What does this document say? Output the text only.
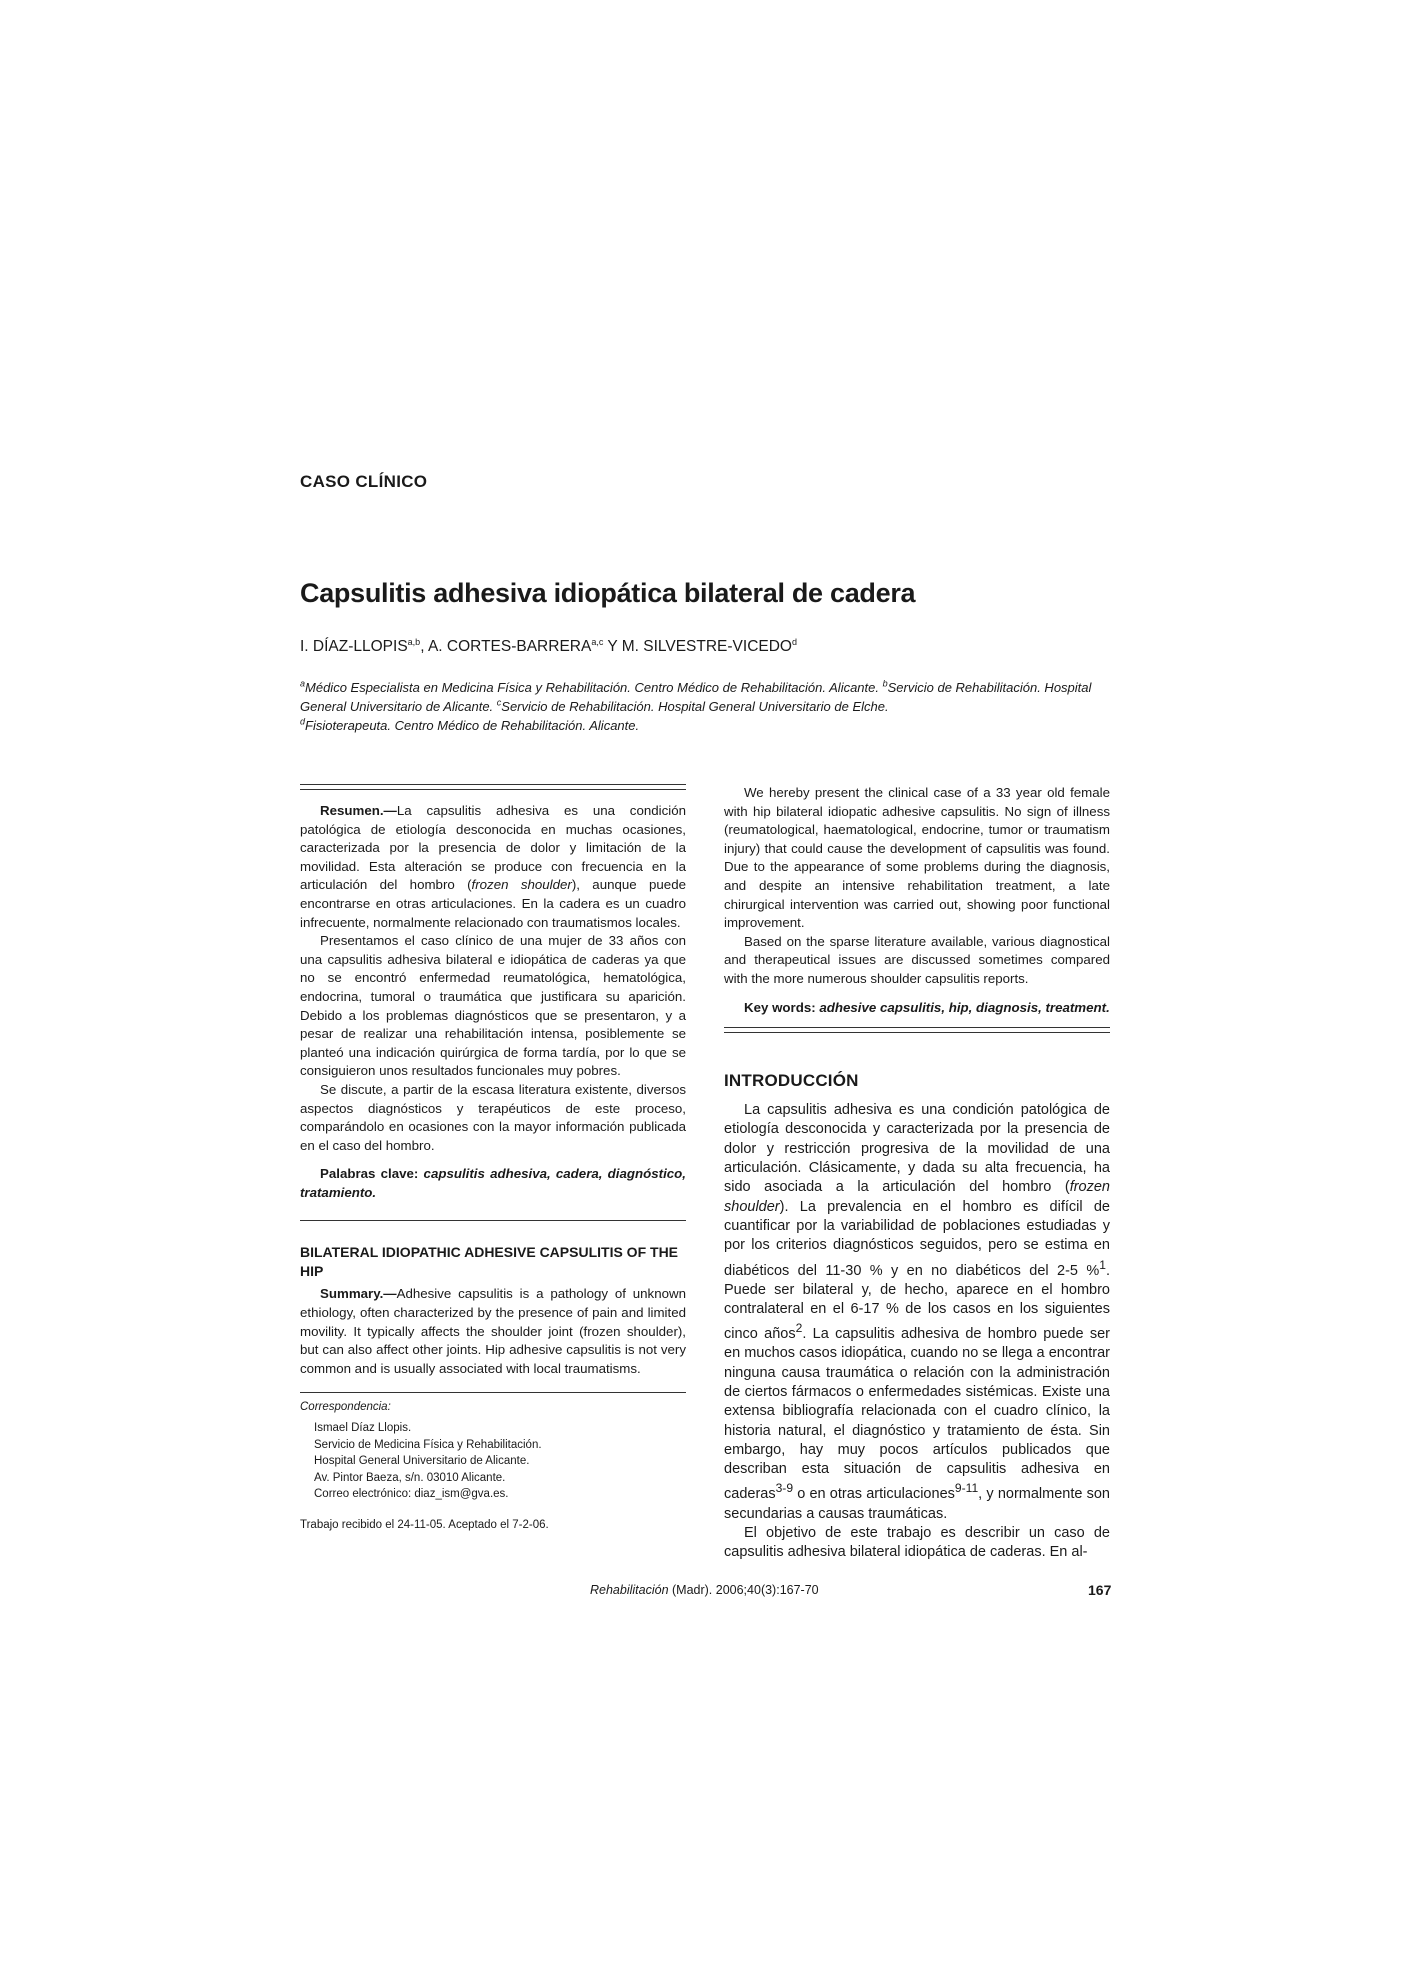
CASO CLÍNICO
Capsulitis adhesiva idiopática bilateral de cadera
I. DÍAZ-LLOPIS$^{a,b}$, A. CORTES-BARRERA$^{a,c}$ Y M. SILVESTRE-VICEDO$^d$
$^a$Médico Especialista en Medicina Física y Rehabilitación. Centro Médico de Rehabilitación. Alicante. $^b$Servicio de Rehabilitación. Hospital General Universitario de Alicante. $^c$Servicio de Rehabilitación. Hospital General Universitario de Elche.
$^d$Fisioterapeuta. Centro Médico de Rehabilitación. Alicante.

Resumen.—La capsulitis adhesiva es una condición patológica de etiología desconocida en muchas ocasiones, caracterizada por la presencia de dolor y limitación de la movilidad. Esta alteración se produce con frecuencia en la articulación del hombro (frozen shoulder), aunque puede encontrarse en otras articulaciones. En la cadera es un cuadro infrecuente, normalmente relacionado con traumatismos locales.

Presentamos el caso clínico de una mujer de 33 años con una capsulitis adhesiva bilateral e idiopática de caderas ya que no se encontró enfermedad reumatológica, hematológica, endocrina, tumoral o traumática que justificara su aparición. Debido a los problemas diagnósticos que se presentaron, y a pesar de realizar una rehabilitación intensa, posiblemente se planteó una indicación quirúrgica de forma tardía, por lo que se consiguieron unos resultados funcionales muy pobres.

Se discute, a partir de la escasa literatura existente, diversos aspectos diagnósticos y terapéuticos de este proceso, comparándolo en ocasiones con la mayor información publicada en el caso del hombro.

Palabras clave: capsulitis adhesiva, cadera, diagnóstico, tratamiento.
BILATERAL IDIOPATHIC ADHESIVE CAPSULITIS OF THE HIP

Summary.—Adhesive capsulitis is a pathology of unknown ethiology, often characterized by the presence of pain and limited movility. It typically affects the shoulder joint (frozen shoulder), but can also affect other joints. Hip adhesive capsulitis is not very common and is usually associated with local traumatisms.

Correspondencia:
Ismael Díaz Llopis.
Servicio de Medicina Física y Rehabilitación.
Hospital General Universitario de Alicante.
Av. Pintor Baeza, s/n. 03010 Alicante.
Correo electrónico: diaz_ism@gva.es.
Trabajo recibido el 24-11-05. Aceptado el 7-2-06.

We hereby present the clinical case of a 33 year old female with hip bilateral idiopatic adhesive capsulitis. No sign of illness (reumatological, haematological, endocrine, tumor or traumatism injury) that could cause the development of capsulitis was found. Due to the appearance of some problems during the diagnosis, and despite an intensive rehabilitation treatment, a late chirurgical intervention was carried out, showing poor functional improvement.

Based on the sparse literature available, various diagnostical and therapeutical issues are discussed sometimes compared with the more numerous shoulder capsulitis reports.

Key words: adhesive capsulitis, hip, diagnosis, treatment.
INTRODUCCIÓN

La capsulitis adhesiva es una condición patológica de etiología desconocida y caracterizada por la presencia de dolor y restricción progresiva de la movilidad de una articulación. Clásicamente, y dada su alta frecuencia, ha sido asociada a la articulación del hombro (frozen shoulder). La prevalencia en el hombro es difícil de cuantificar por la variabilidad de poblaciones estudiadas y por los criterios diagnósticos seguidos, pero se estima en diabéticos del 11-30 % y en no diabéticos del 2-5 %$^1$. Puede ser bilateral y, de hecho, aparece en el hombro contralateral en el 6-17 % de los casos en los siguientes cinco años$^2$. La capsulitis adhesiva de hombro puede ser en muchos casos idiopática, cuando no se llega a encontrar ninguna causa traumática o relación con la administración de ciertos fármacos o enfermedades sistémicas. Existe una extensa bibliografía relacionada con el cuadro clínico, la historia natural, el diagnóstico y tratamiento de ésta. Sin embargo, hay muy pocos artículos publicados que describan esta situación de capsulitis adhesiva en caderas$^{3-9}$ o en otras articulaciones$^{9-11}$, y normalmente son secundarias a causas traumáticas.

El objetivo de este trabajo es describir un caso de capsulitis adhesiva bilateral idiopática de caderas. En al-

Rehabilitación (Madr). 2006;40(3):167-70	167
